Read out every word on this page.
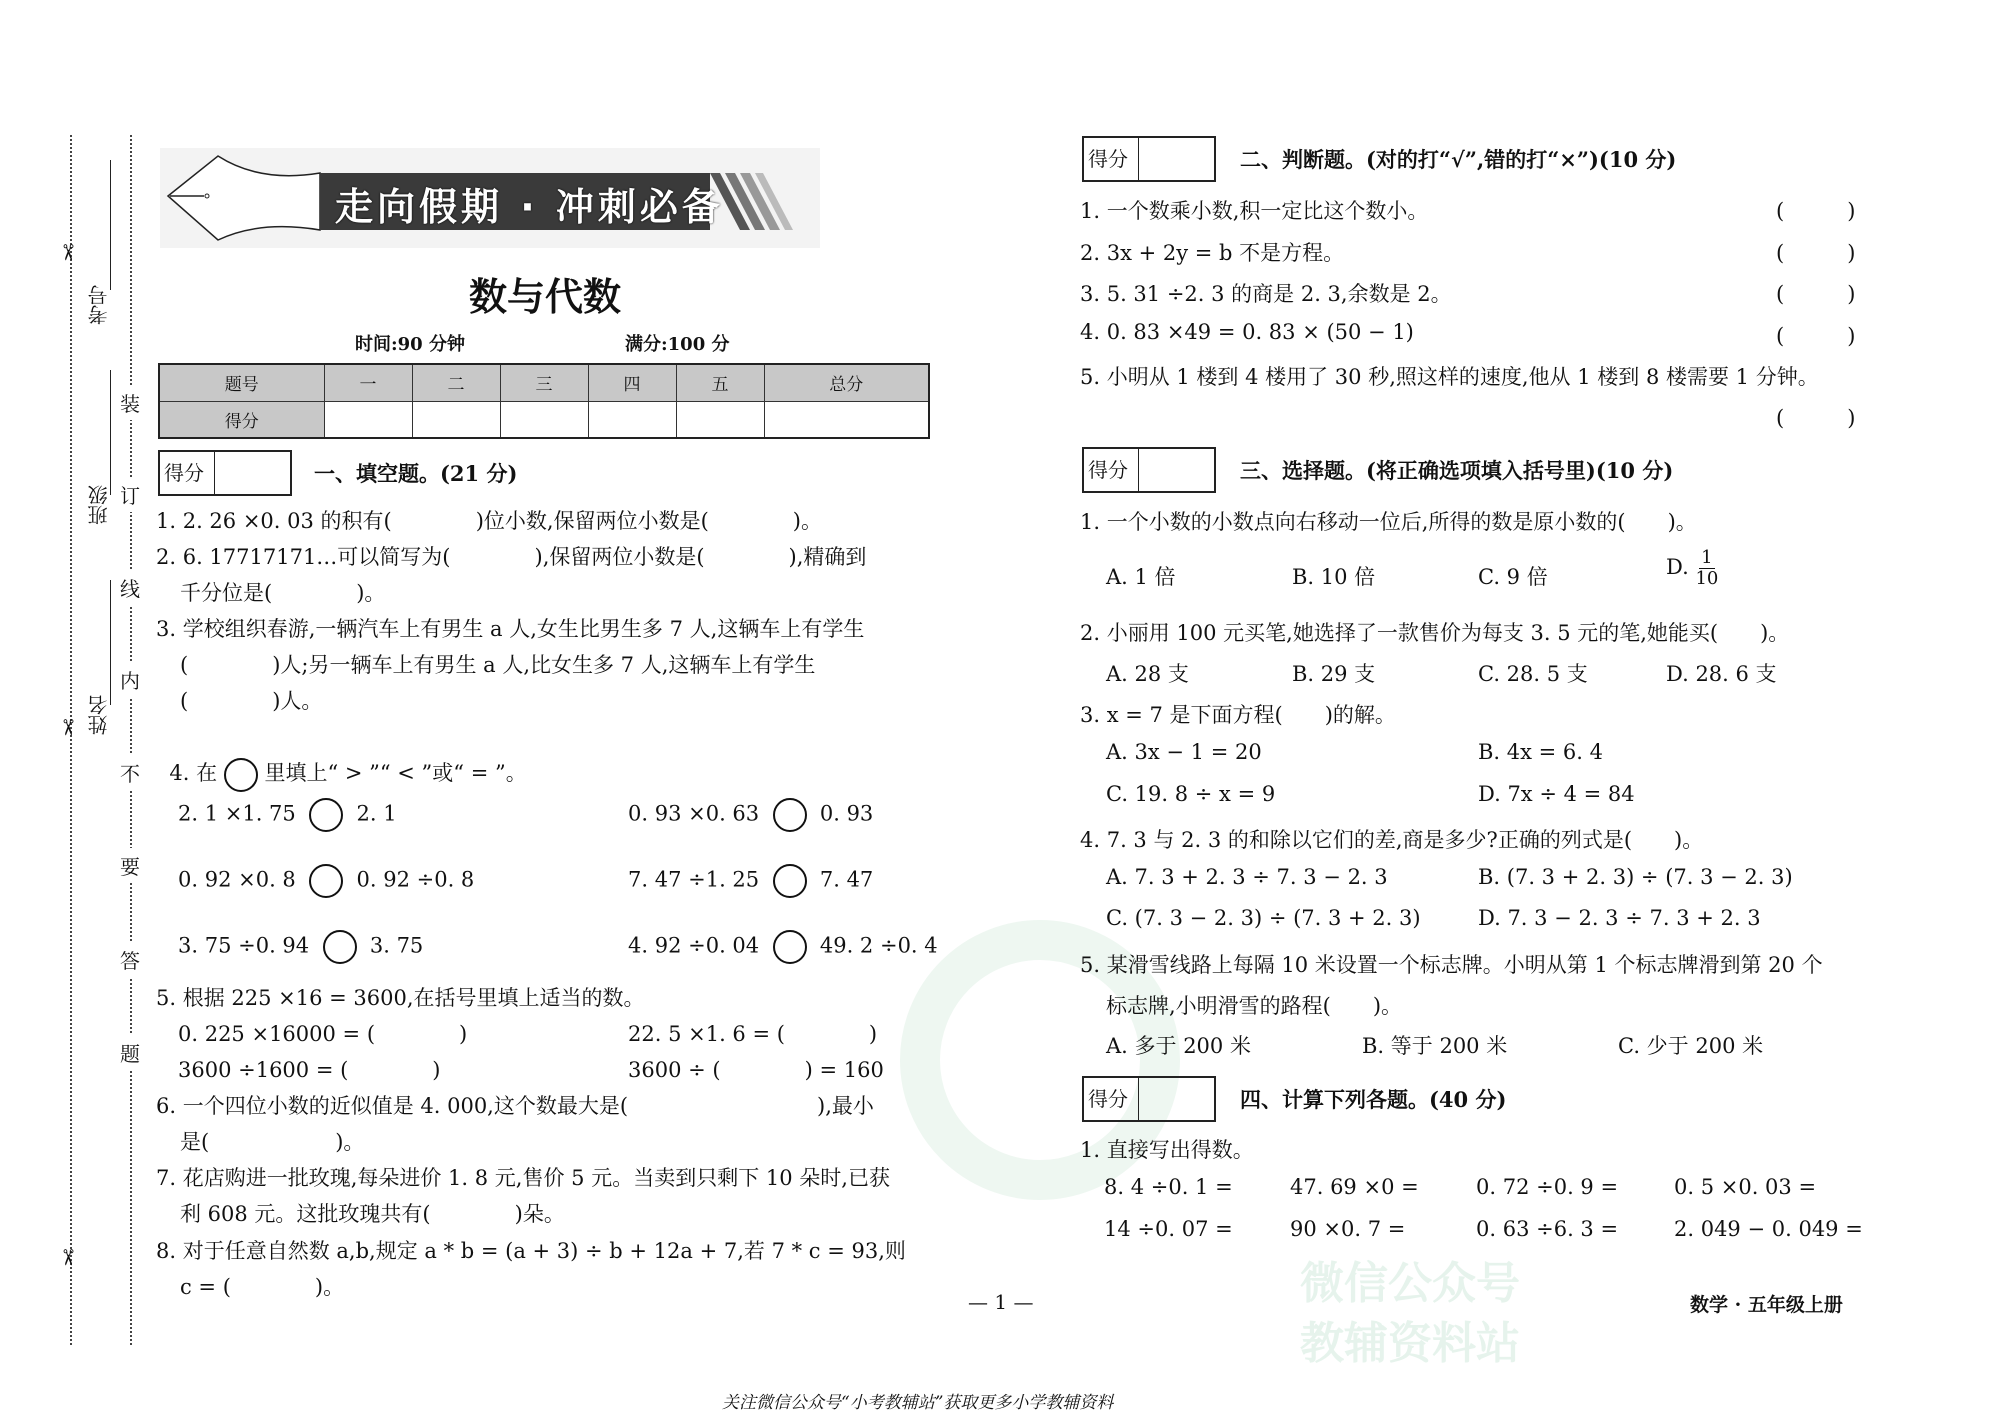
微信公众号
教辅资料站
✂
✂
✂
考号
班级
姓名
装
订
线
内
不
要
答
题
走向假期 · 冲刺必备
数与代数
时间:90 分钟	满分:100 分
题号	一	二	三	四	五	总分
得分						
得分	一、填空题。(21 分)
1. 2. 26 ×0. 03 的积有(　　　　)位小数,保留两位小数是(　　　　)。
2. 6. 17717171…可以简写为(　　　　),保留两位小数是(　　　　),精确到
千分位是(　　　　)。
3. 学校组织春游,一辆汽车上有男生 a 人,女生比男生多 7 人,这辆车上有学生
(　　　　)人;另一辆车上有男生 a 人,比女生多 7 人,这辆车上有学生
(　　　　)人。

4. 在 里填上“ > ”“ < ”或“ = ”。

2. 1 ×1. 75	2. 1	0. 93 ×0. 63	0. 93
0. 92 ×0. 8	0. 92 ÷0. 8	7. 47 ÷1. 25	7. 47
3. 75 ÷0. 94	3. 75	4. 92 ÷0. 04	49. 2 ÷0. 4
5. 根据 225 ×16 = 3600,在括号里填上适当的数。
0. 225 ×16000 = (　　　　)	22. 5 ×1. 6 = (　　　　)
3600 ÷1600 = (　　　　)	3600 ÷ (　　　　) = 160
6. 一个四位小数的近似值是 4. 000,这个数最大是(　　　　　　　　　),最小
是(　　　　　　)。
7. 花店购进一批玫瑰,每朵进价 1. 8 元,售价 5 元。当卖到只剩下 10 朵时,已获
利 608 元。这批玫瑰共有(　　　　)朵。
8. 对于任意自然数 a,b,规定 a * b = (a + 3) ÷ b + 12a + 7,若 7 * c = 93,则
c = (　　　　)。
得分	二、判断题。(对的打“√”,错的打“×”)(10 分)
1. 一个数乘小数,积一定比这个数小。
2. 3x + 2y = b 不是方程。
3. 5. 31 ÷2. 3 的商是 2. 3,余数是 2。
4. 0. 83 ×49 = 0. 83 × (50 − 1)
5. 小明从 1 楼到 4 楼用了 30 秒,照这样的速度,他从 1 楼到 8 楼需要 1 分钟。
(　　　)
(　　　)
(　　　)
(　　　)
(　　　)
得分	三、选择题。(将正确选项填入括号里)(10 分)
1. 一个小数的小数点向右移动一位后,所得的数是原小数的(　　)。
A. 1 倍	B. 10 倍	C. 9 倍	D. $\frac{1}{10}$
2. 小丽用 100 元买笔,她选择了一款售价为每支 3. 5 元的笔,她能买(　　)。
A. 28 支	B. 29 支	C. 28. 5 支	D. 28. 6 支
3. x = 7 是下面方程(　　)的解。
A. 3x − 1 = 20	B. 4x = 6. 4
C. 19. 8 ÷ x = 9	D. 7x ÷ 4 = 84
4. 7. 3 与 2. 3 的和除以它们的差,商是多少?正确的列式是(　　)。
A. 7. 3 + 2. 3 ÷ 7. 3 − 2. 3	B. (7. 3 + 2. 3) ÷ (7. 3 − 2. 3)
C. (7. 3 − 2. 3) ÷ (7. 3 + 2. 3)	D. 7. 3 − 2. 3 ÷ 7. 3 + 2. 3
5. 某滑雪线路上每隔 10 米设置一个标志牌。小明从第 1 个标志牌滑到第 20 个
标志牌,小明滑雪的路程(　　)。
A. 多于 200 米	B. 等于 200 米	C. 少于 200 米
得分	四、计算下列各题。(40 分)
1. 直接写出得数。
8. 4 ÷0. 1 =	47. 69 ×0 =	0. 72 ÷0. 9 =	0. 5 ×0. 03 =
14 ÷0. 07 =	90 ×0. 7 =	0. 63 ÷6. 3 =	2. 049 − 0. 049 =
— 1 —	数学 · 五年级上册
关注微信公众号“小考教辅站”获取更多小学教辅资料
